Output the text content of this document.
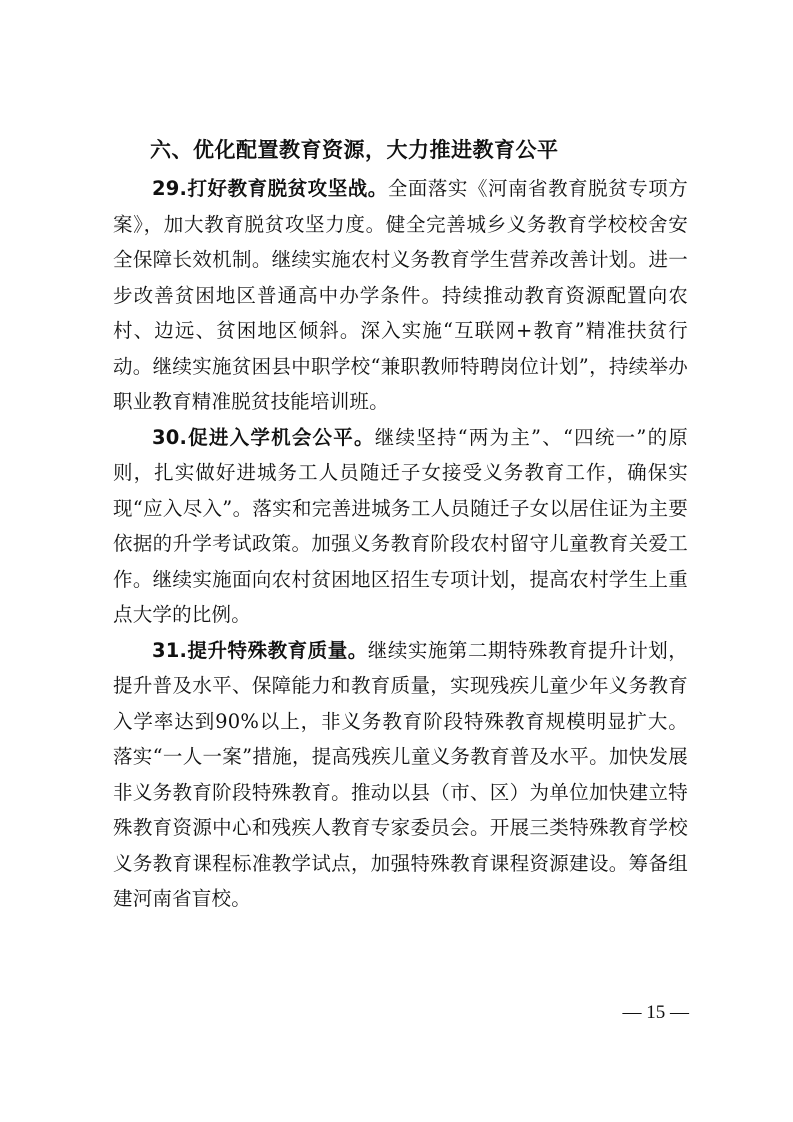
六、优化配置教育资源，大力推进教育公平

29.打好教育脱贫攻坚战。全面落实《河南省教育脱贫专项方案》，加大教育脱贫攻坚力度。健全完善城乡义务教育学校校舍安全保障长效机制。继续实施农村义务教育学生营养改善计划。进一步改善贫困地区普通高中办学条件。持续推动教育资源配置向农村、边远、贫困地区倾斜。深入实施“互联网+教育”精准扶贫行动。继续实施贫困县中职学校“兼职教师特聘岗位计划”，持续举办职业教育精准脱贫技能培训班。

30.促进入学机会公平。继续坚持“两为主”、“四统一”的原则，扎实做好进城务工人员随迁子女接受义务教育工作，确保实现“应入尽入”。落实和完善进城务工人员随迁子女以居住证为主要依据的升学考试政策。加强义务教育阶段农村留守儿童教育关爱工作。继续实施面向农村贫困地区招生专项计划，提高农村学生上重点大学的比例。

31.提升特殊教育质量。继续实施第二期特殊教育提升计划，提升普及水平、保障能力和教育质量，实现残疾儿童少年义务教育入学率达到90%以上，非义务教育阶段特殊教育规模明显扩大。落实“一人一案”措施，提高残疾儿童义务教育普及水平。加快发展非义务教育阶段特殊教育。推动以县（市、区）为单位加快建立特殊教育资源中心和残疾人教育专家委员会。开展三类特殊教育学校义务教育课程标准教学试点，加强特殊教育课程资源建设。筹备组建河南省盲校。

— 15 —
